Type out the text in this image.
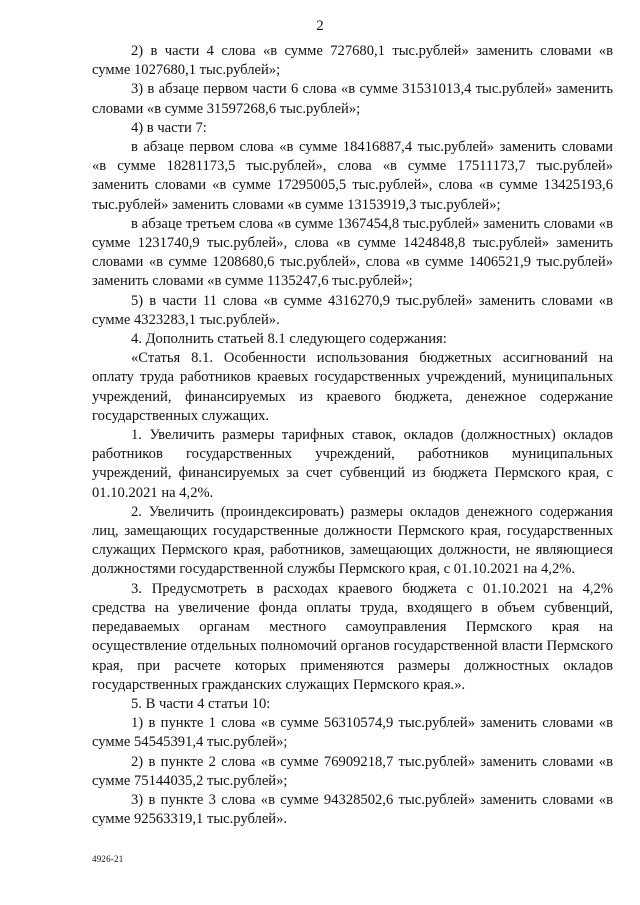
2

2) в части 4 слова «в сумме 727680,1 тыс.рублей» заменить словами «в сумме 1027680,1 тыс.рублей»;

3) в абзаце первом части 6 слова «в сумме 31531013,4 тыс.рублей» заменить словами «в сумме 31597268,6 тыс.рублей»;

4) в части 7:

в абзаце первом слова «в сумме 18416887,4 тыс.рублей» заменить словами «в сумме 18281173,5 тыс.рублей», слова «в сумме 17511173,7 тыс.рублей» заменить словами «в сумме 17295005,5 тыс.рублей», слова «в сумме 13425193,6 тыс.рублей» заменить словами «в сумме 13153919,3 тыс.рублей»;

в абзаце третьем слова «в сумме 1367454,8 тыс.рублей» заменить словами «в сумме 1231740,9 тыс.рублей», слова «в сумме 1424848,8 тыс.рублей» заменить словами «в сумме 1208680,6 тыс.рублей», слова «в сумме 1406521,9 тыс.рублей» заменить словами «в сумме 1135247,6 тыс.рублей»;

5) в части 11 слова «в сумме 4316270,9 тыс.рублей» заменить словами «в сумме 4323283,1 тыс.рублей».

4. Дополнить статьей 8.1 следующего содержания:

«Статья 8.1. Особенности использования бюджетных ассигнований на оплату труда работников краевых государственных учреждений, муниципальных учреждений, финансируемых из краевого бюджета, денежное содержание государственных служащих.

1. Увеличить размеры тарифных ставок, окладов (должностных) окладов работников государственных учреждений, работников муниципальных учреждений, финансируемых за счет субвенций из бюджета Пермского края, с 01.10.2021 на 4,2%.

2. Увеличить (проиндексировать) размеры окладов денежного содержания лиц, замещающих государственные должности Пермского края, государственных служащих Пермского края, работников, замещающих должности, не являющиеся должностями государственной службы Пермского края, с 01.10.2021 на 4,2%.

3. Предусмотреть в расходах краевого бюджета с 01.10.2021 на 4,2% средства на увеличение фонда оплаты труда, входящего в объем субвенций, передаваемых органам местного самоуправления Пермского края на осуществление отдельных полномочий органов государственной власти Пермского края, при расчете которых применяются размеры должностных окладов государственных гражданских служащих Пермского края.».

5. В части 4 статьи 10:

1) в пункте 1 слова «в сумме 56310574,9 тыс.рублей» заменить словами «в сумме 54545391,4 тыс.рублей»;

2) в пункте 2 слова «в сумме 76909218,7 тыс.рублей» заменить словами «в сумме 75144035,2 тыс.рублей»;

3) в пункте 3 слова «в сумме 94328502,6 тыс.рублей» заменить словами «в сумме 92563319,1 тыс.рублей».

4926-21
